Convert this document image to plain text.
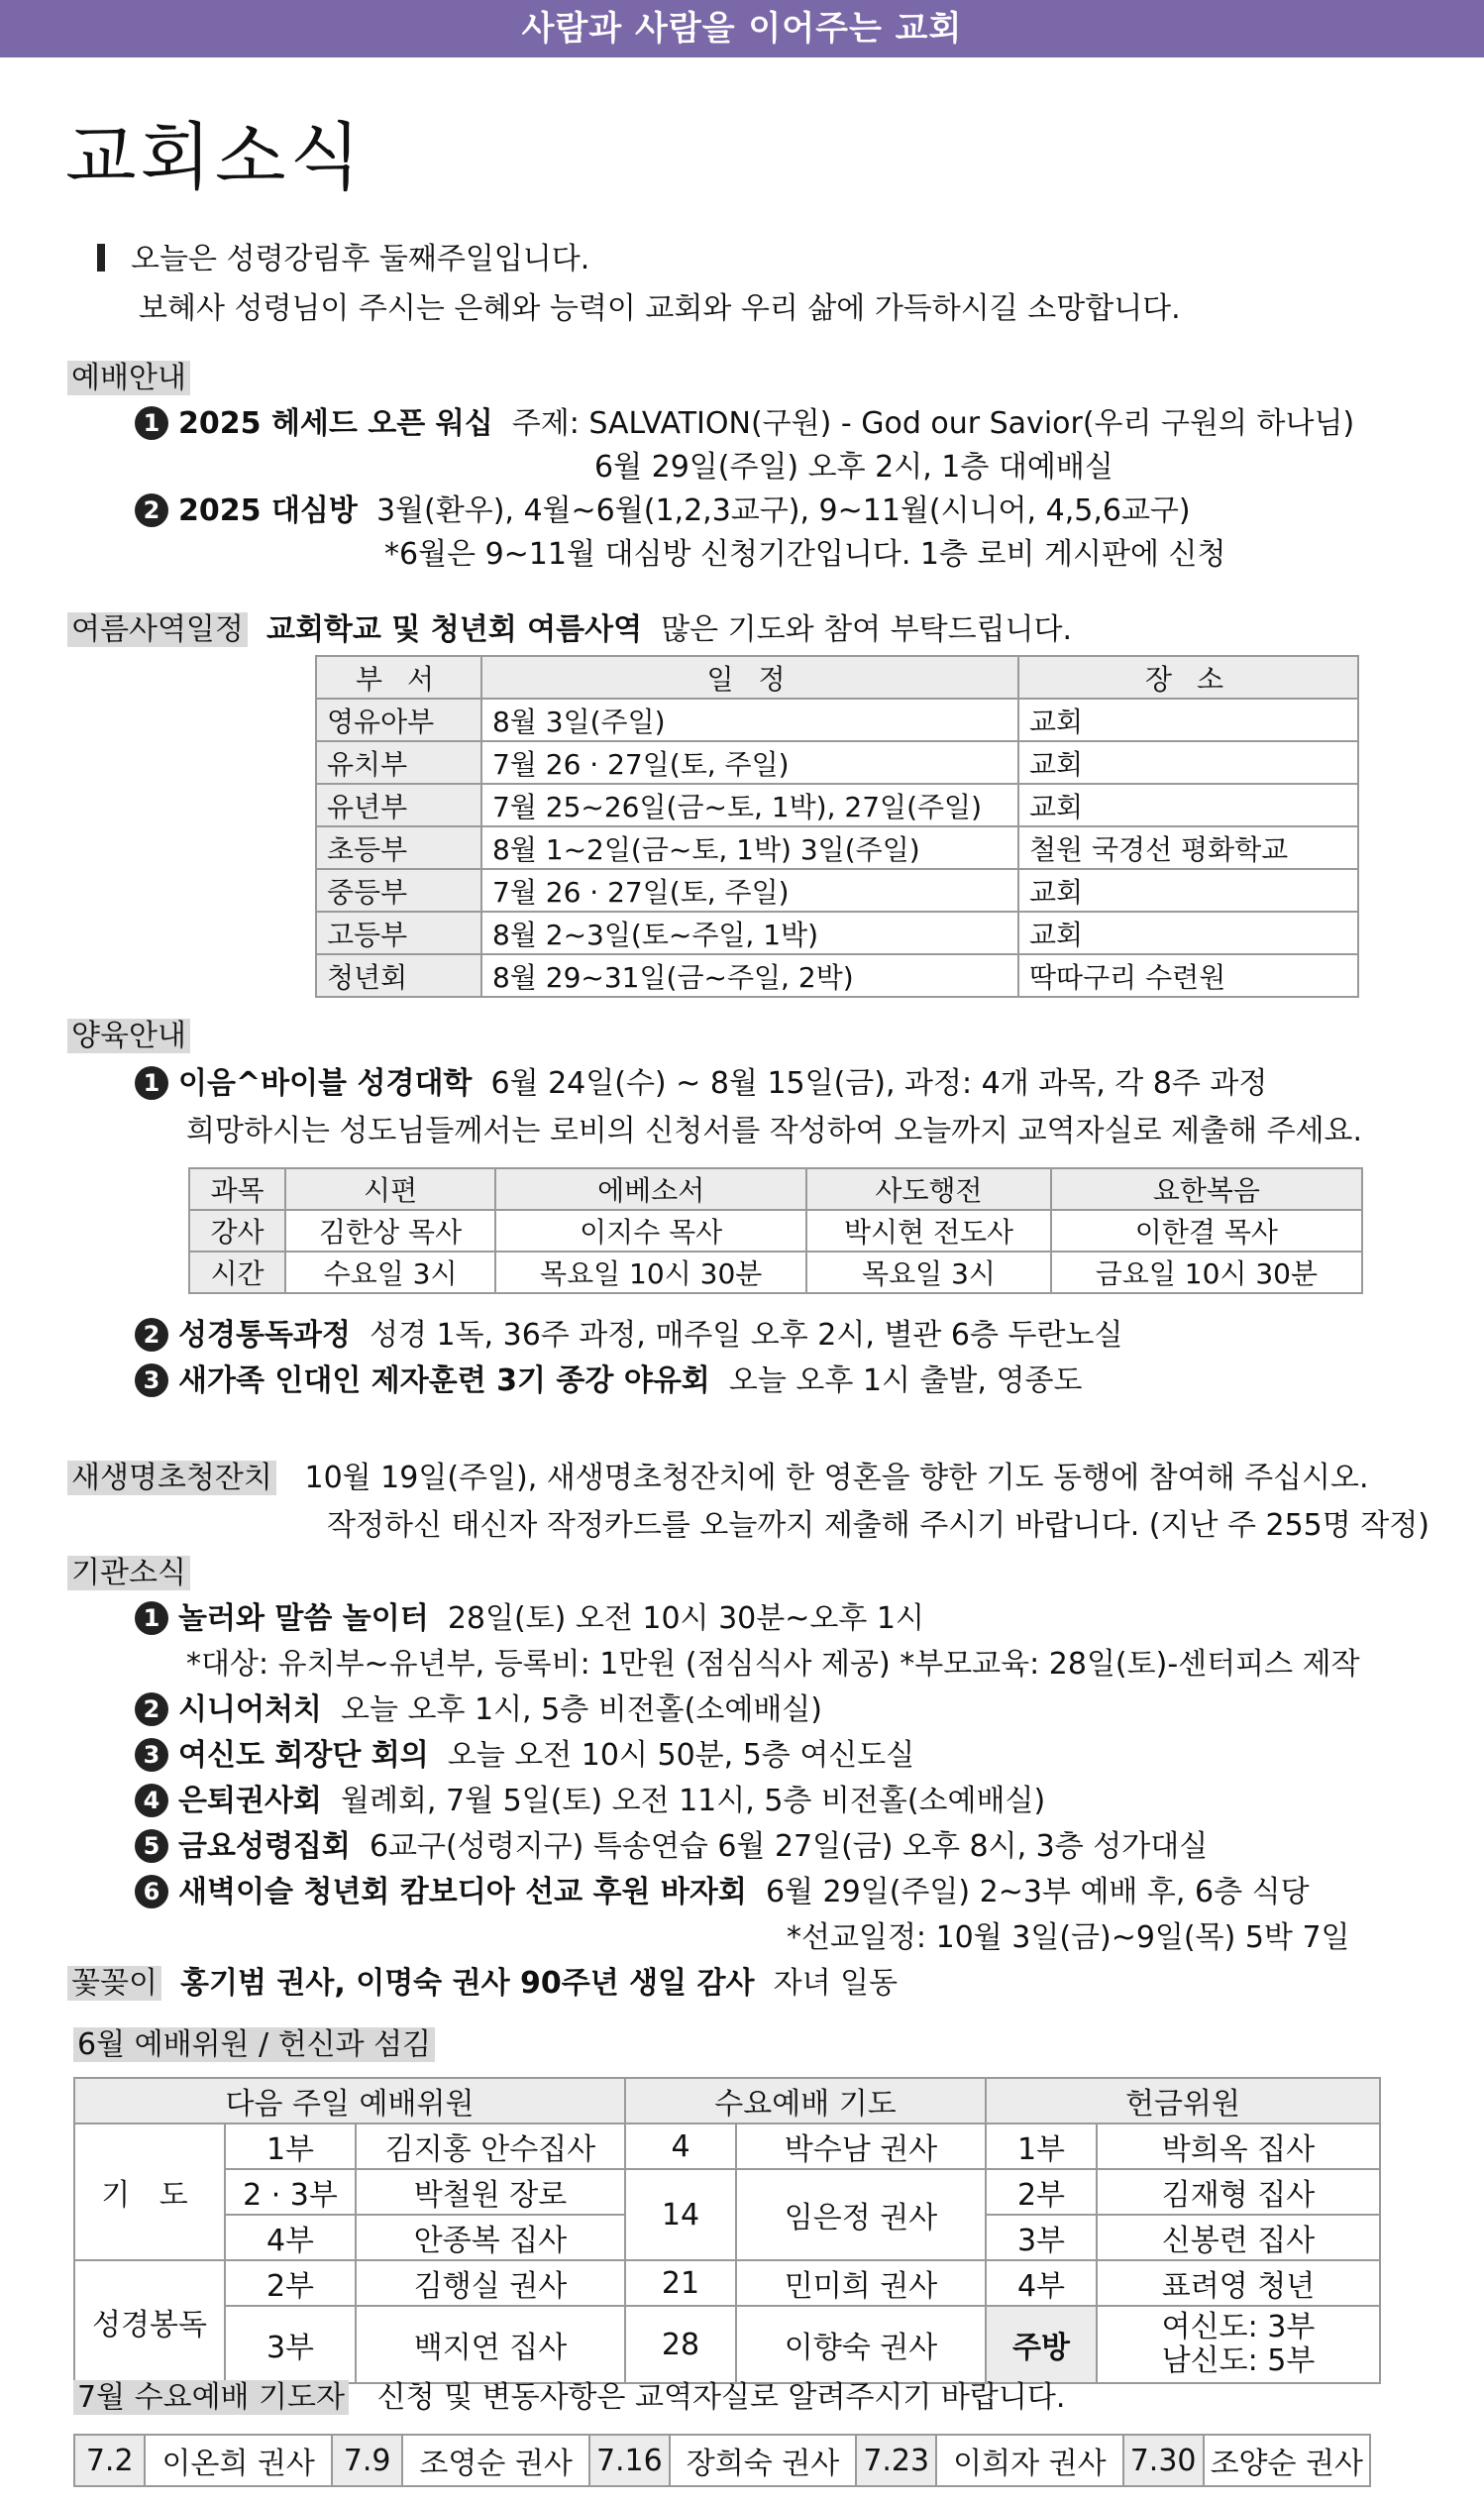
사람과 사람을 이어주는 교회
교회소식
오늘은 성령강림후 둘째주일입니다.
보혜사 성령님이 주시는 은혜와 능력이 교회와 우리 삶에 가득하시길 소망합니다.
예배안내
1 2025 헤세드 오픈 워십 주제: SALVATION(구원) - God our Savior(우리 구원의 하나님)
6월 29일(주일) 오후 2시, 1층 대예배실
2 2025 대심방 3월(환우), 4월~6월(1,2,3교구), 9~11월(시니어, 4,5,6교구)
*6월은 9~11월 대심방 신청기간입니다. 1층 로비 게시판에 신청
여름사역일정 교회학교 및 청년회 여름사역 많은 기도와 참여 부탁드립니다.
부 서	일 정	장 소
영유아부	8월 3일(주일)	교회
유치부	7월 26 · 27일(토, 주일)	교회
유년부	7월 25~26일(금~토, 1박), 27일(주일)	교회
초등부	8월 1~2일(금~토, 1박) 3일(주일)	철원 국경선 평화학교
중등부	7월 26 · 27일(토, 주일)	교회
고등부	8월 2~3일(토~주일, 1박)	교회
청년회	8월 29~31일(금~주일, 2박)	딱따구리 수련원
양육안내
1 이음^바이블 성경대학 6월 24일(수) ~ 8월 15일(금), 과정: 4개 과목, 각 8주 과정
희망하시는 성도님들께서는 로비의 신청서를 작성하여 오늘까지 교역자실로 제출해 주세요.
과목	시편	에베소서	사도행전	요한복음
강사	김한상 목사	이지수 목사	박시현 전도사	이한결 목사
시간	수요일 3시	목요일 10시 30분	목요일 3시	금요일 10시 30분
2 성경통독과정 성경 1독, 36주 과정, 매주일 오후 2시, 별관 6층 두란노실
3 새가족 인대인 제자훈련 3기 종강 야유회 오늘 오후 1시 출발, 영종도
새생명초청잔치 10월 19일(주일), 새생명초청잔치에 한 영혼을 향한 기도 동행에 참여해 주십시오.
작정하신 태신자 작정카드를 오늘까지 제출해 주시기 바랍니다. (지난 주 255명 작정)
기관소식
1 놀러와 말씀 놀이터 28일(토) 오전 10시 30분~오후 1시
*대상: 유치부~유년부, 등록비: 1만원 (점심식사 제공) *부모교육: 28일(토)-센터피스 제작
2 시니어처치 오늘 오후 1시, 5층 비전홀(소예배실)
3 여신도 회장단 회의 오늘 오전 10시 50분, 5층 여신도실
4 은퇴권사회 월례회, 7월 5일(토) 오전 11시, 5층 비전홀(소예배실)
5 금요성령집회 6교구(성령지구) 특송연습 6월 27일(금) 오후 8시, 3층 성가대실
6 새벽이슬 청년회 캄보디아 선교 후원 바자회 6월 29일(주일) 2~3부 예배 후, 6층 식당
*선교일정: 10월 3일(금)~9일(목) 5박 7일
꽃꽂이 홍기범 권사, 이명숙 권사 90주년 생일 감사 자녀 일동
6월 예배위원 / 헌신과 섬김
다음 주일 예배위원			수요예배 기도		헌금위원	
기 도	1부	김지홍 안수집사	4	박수남 권사	1부	박희옥 집사
	2 · 3부	박철원 장로	14	임은정 권사	2부	김재형 집사
	4부	안종복 집사			3부	신봉련 집사
성경봉독	2부	김행실 권사	21	민미희 권사	4부	표려영 청년
	3부	백지연 집사	28	이향숙 권사	주방	여신도: 3부
남신도: 5부
7월 수요예배 기도자 신청 및 변동사항은 교역자실로 알려주시기 바랍니다.
7.2	이온희 권사	7.9	조영순 권사	7.16	장희숙 권사	7.23	이희자 권사	7.30	조양순 권사
